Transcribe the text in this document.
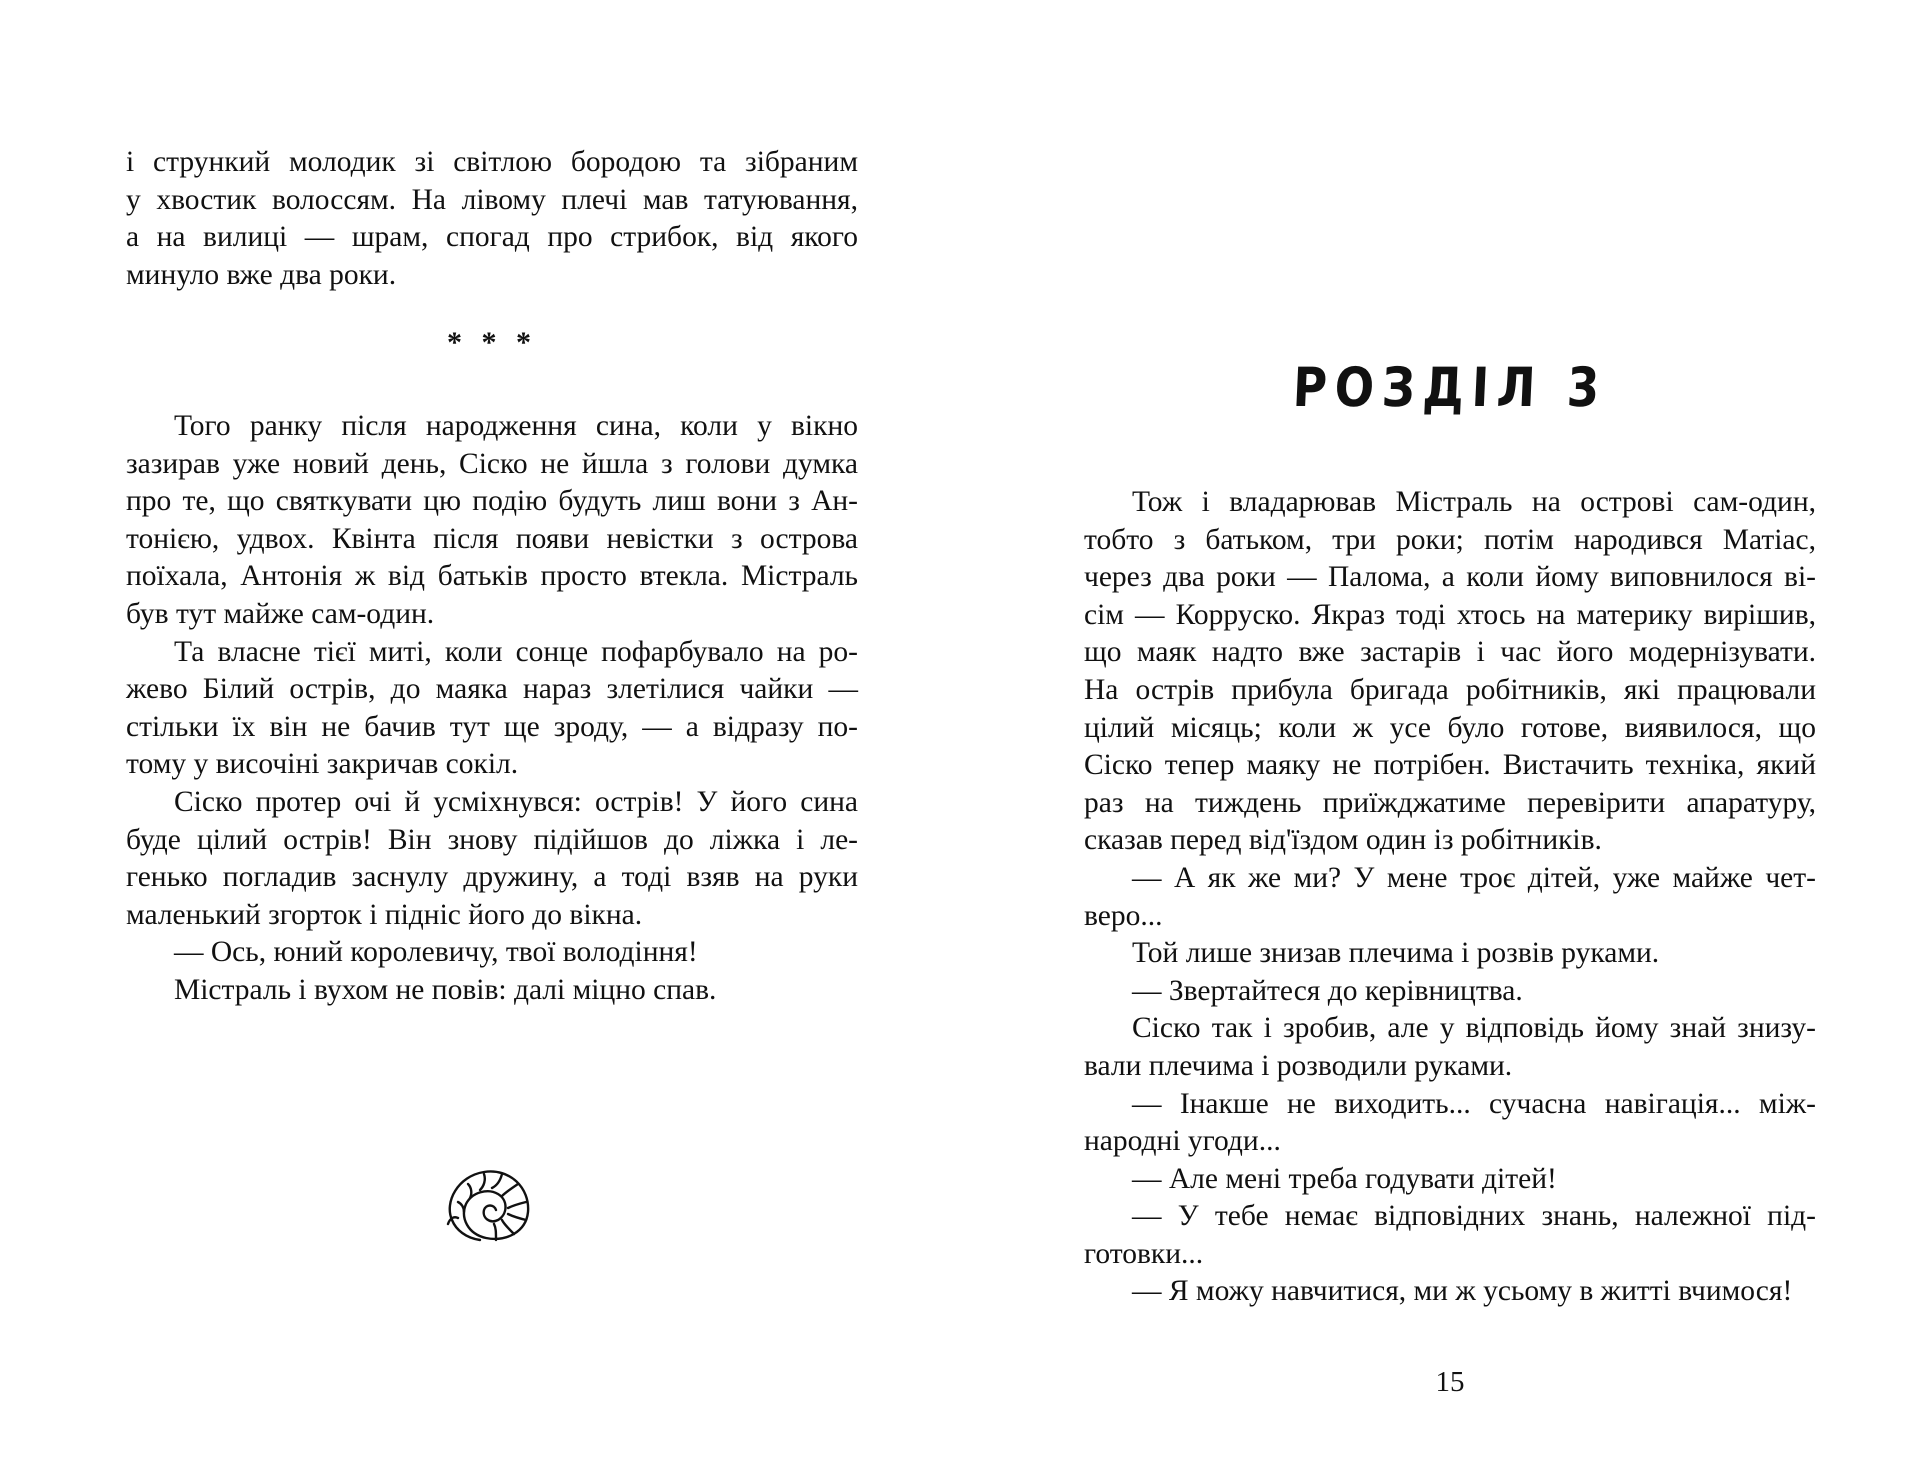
і стрункий молодик зі світлою бородою та зібраним
у хвостик волоссям. На лівому плечі мав татуювання,
а на вилиці — шрам, спогад про стрибок, від якого
минуло вже два роки.
* * *
Того ранку після народження сина, коли у вікно
зазирав уже новий день, Сіско не йшла з голови думка
про те, що святкувати цю подію будуть лиш вони з Ан-
тонією, удвох. Квінта після появи невістки з острова
поїхала, Антонія ж від батьків просто втекла. Містраль
був тут майже сам-один.
Та власне тієї миті, коли сонце пофарбувало на ро-
жево Білий острів, до маяка нараз злетілися чайки —
стільки їх він не бачив тут ще зроду, — а відразу по-
тому у височіні закричав сокіл.
Сіско протер очі й усміхнувся: острів! У його сина
буде цілий острів! Він знову підійшов до ліжка і ле-
генько погладив заснулу дружину, а тоді взяв на руки
маленький згорток і підніс його до вікна.
— Ось, юний королевичу, твої володіння!
Містраль і вухом не повів: далі міцно спав.
РОЗДІЛ 3
Тож і владарював Містраль на острові сам-один,
тобто з батьком, три роки; потім народився Матіас,
через два роки — Палома, а коли йому виповнилося ві-
сім — Корруско. Якраз тоді хтось на материку вирішив,
що маяк надто вже застарів і час його модернізувати.
На острів прибула бригада робітників, які працювали
цілий місяць; коли ж усе було готове, виявилося, що
Сіско тепер маяку не потрібен. Вистачить техніка, який
раз на тиждень приїжджатиме перевірити апаратуру,
сказав перед від'їздом один із робітників.
— А як же ми? У мене троє дітей, уже майже чет-
веро...
Той лише знизав плечима і розвів руками.
— Звертайтеся до керівництва.
Сіско так і зробив, але у відповідь йому знай знизу-
вали плечима і розводили руками.
— Інакше не виходить... сучасна навігація... між-
народні угоди...
— Але мені треба годувати дітей!
— У тебе немає відповідних знань, належної під-
готовки...
— Я можу навчитися, ми ж усьому в житті вчимося!
15
